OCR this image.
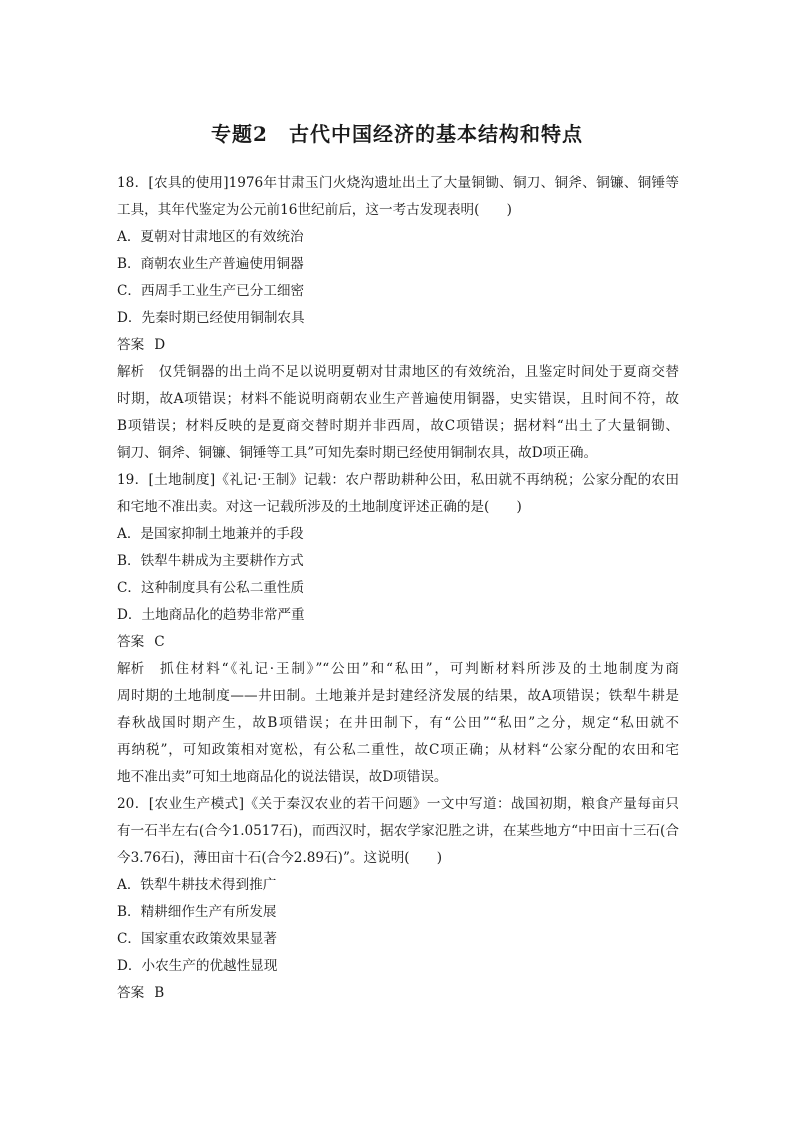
专题2　古代中国经济的基本结构和特点
18．[农具的使用]1976年甘肃玉门火烧沟遗址出土了大量铜锄、铜刀、铜斧、铜镰、铜锤等
工具，其年代鉴定为公元前16世纪前后，这一考古发现表明(　　)
A．夏朝对甘肃地区的有效统治
B．商朝农业生产普遍使用铜器
C．西周手工业生产已分工细密
D．先秦时期已经使用铜制农具
答案 D
解析 仅凭铜器的出土尚不足以说明夏朝对甘肃地区的有效统治，且鉴定时间处于夏商交替
时期，故A项错误；材料不能说明商朝农业生产普遍使用铜器，史实错误，且时间不符，故
B项错误；材料反映的是夏商交替时期并非西周，故C项错误；据材料“出土了大量铜锄、
铜刀、铜斧、铜镰、铜锤等工具”可知先秦时期已经使用铜制农具，故D项正确。
19．[土地制度]《礼记·王制》记载：农户帮助耕种公田，私田就不再纳税；公家分配的农田
和宅地不准出卖。对这一记载所涉及的土地制度评述正确的是(　　)
A．是国家抑制土地兼并的手段
B．铁犁牛耕成为主要耕作方式
C．这种制度具有公私二重性质
D．土地商品化的趋势非常严重
答案 C
解析 抓住材料“《礼记·王制》”“公田”和“私田”，可判断材料所涉及的土地制度为商
周时期的土地制度——井田制。土地兼并是封建经济发展的结果，故A项错误；铁犁牛耕是
春秋战国时期产生，故B项错误；在井田制下，有“公田”“私田”之分，规定“私田就不
再纳税”，可知政策相对宽松，有公私二重性，故C项正确；从材料“公家分配的农田和宅
地不准出卖”可知土地商品化的说法错误，故D项错误。
20．[农业生产模式]《关于秦汉农业的若干问题》一文中写道：战国初期，粮食产量每亩只
有一石半左右(合今1.0517石)，而西汉时，据农学家氾胜之讲，在某些地方“中田亩十三石(合
今3.76石)，薄田亩十石(合今2.89石)”。这说明(　　)
A．铁犁牛耕技术得到推广
B．精耕细作生产有所发展
C．国家重农政策效果显著
D．小农生产的优越性显现
答案 B
